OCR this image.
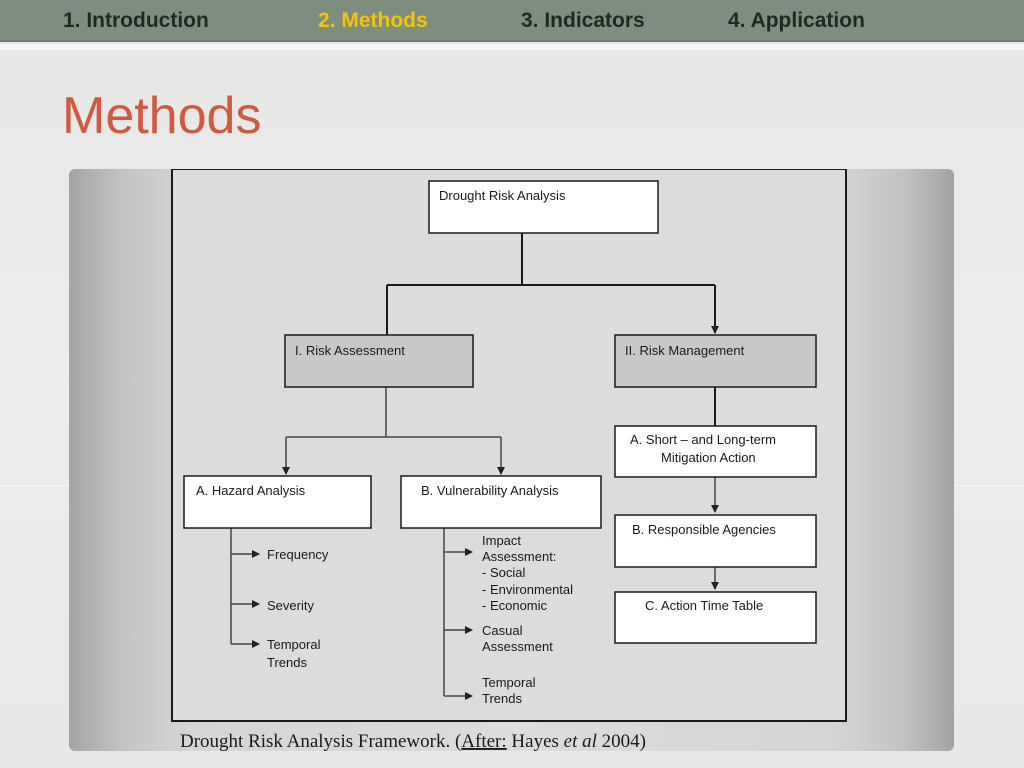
1. Introduction	2. Methods	3. Indicators	4. Application
Methods
Drought Risk Analysis
I. Risk Assessment	II. Risk Management
A. Hazard Analysis	B. Vulnerability Analysis
A. Short – and Long-term
Mitigation Action
B. Responsible Agencies
C. Action Time Table
Frequency
Severity
Temporal
Trends
Impact
Assessment:
- Social
- Environmental
- Economic
Casual
Assessment
Temporal
Trends
Drought Risk Analysis Framework. (After: Hayes et al 2004)
